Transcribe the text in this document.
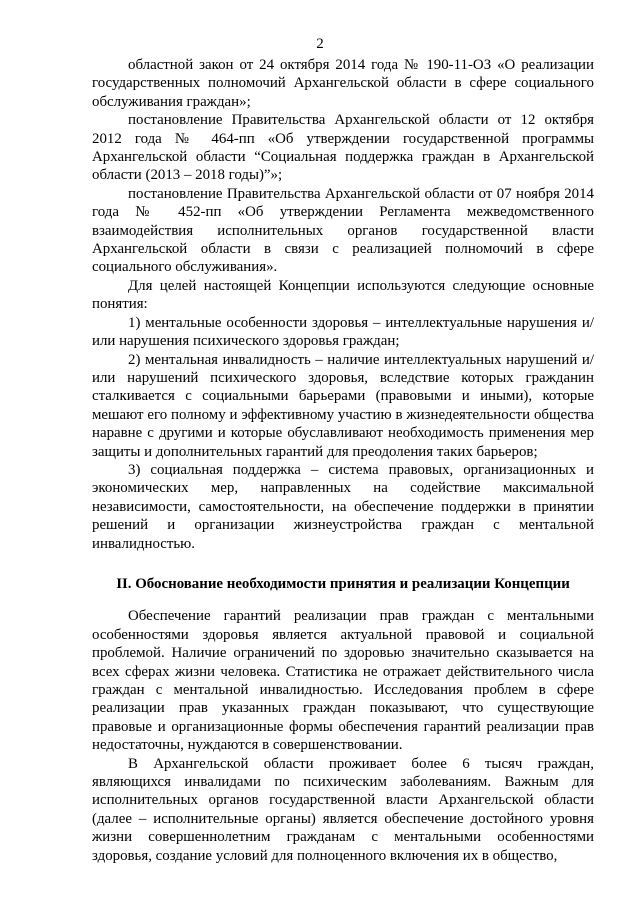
2

областной закон от 24 октября 2014 года № 190-11-ОЗ «О реализации государственных полномочий Архангельской области в сфере социального обслуживания граждан»;

постановление Правительства Архангельской области от 12 октября 2012 года № 464-пп «Об утверждении государственной программы Архангельской области “Социальная поддержка граждан в Архангельской области (2013 – 2018 годы)”»;

постановление Правительства Архангельской области от 07 ноября 2014 года № 452-пп «Об утверждении Регламента межведомственного взаимодействия исполнительных органов государственной власти Архангельской области в связи с реализацией полномочий в сфере социального обслуживания».

Для целей настоящей Концепции используются следующие основные понятия:

1) ментальные особенности здоровья – интеллектуальные нарушения и/или нарушения психического здоровья граждан;

2) ментальная инвалидность – наличие интеллектуальных нарушений и/или нарушений психического здоровья, вследствие которых гражданин сталкивается с социальными барьерами (правовыми и иными), которые мешают его полному и эффективному участию в жизнедеятельности общества наравне с другими и которые обуславливают необходимость применения мер защиты и дополнительных гарантий для преодоления таких барьеров;

3) социальная поддержка – система правовых, организационных и экономических мер, направленных на содействие максимальной независимости, самостоятельности, на обеспечение поддержки в принятии решений и организации жизнеустройства граждан с ментальной инвалидностью.

II. Обоснование необходимости принятия и реализации Концепции

Обеспечение гарантий реализации прав граждан с ментальными особенностями здоровья является актуальной правовой и социальной проблемой. Наличие ограничений по здоровью значительно сказывается на всех сферах жизни человека. Статистика не отражает действительного числа граждан с ментальной инвалидностью. Исследования проблем в сфере реализации прав указанных граждан показывают, что существующие правовые и организационные формы обеспечения гарантий реализации прав недостаточны, нуждаются в совершенствовании.

В Архангельской области проживает более 6 тысяч граждан, являющихся инвалидами по психическим заболеваниям. Важным для исполнительных органов государственной власти Архангельской области (далее – исполнительные органы) является обеспечение достойного уровня жизни совершеннолетним гражданам с ментальными особенностями здоровья, создание условий для полноценного включения их в общество,
